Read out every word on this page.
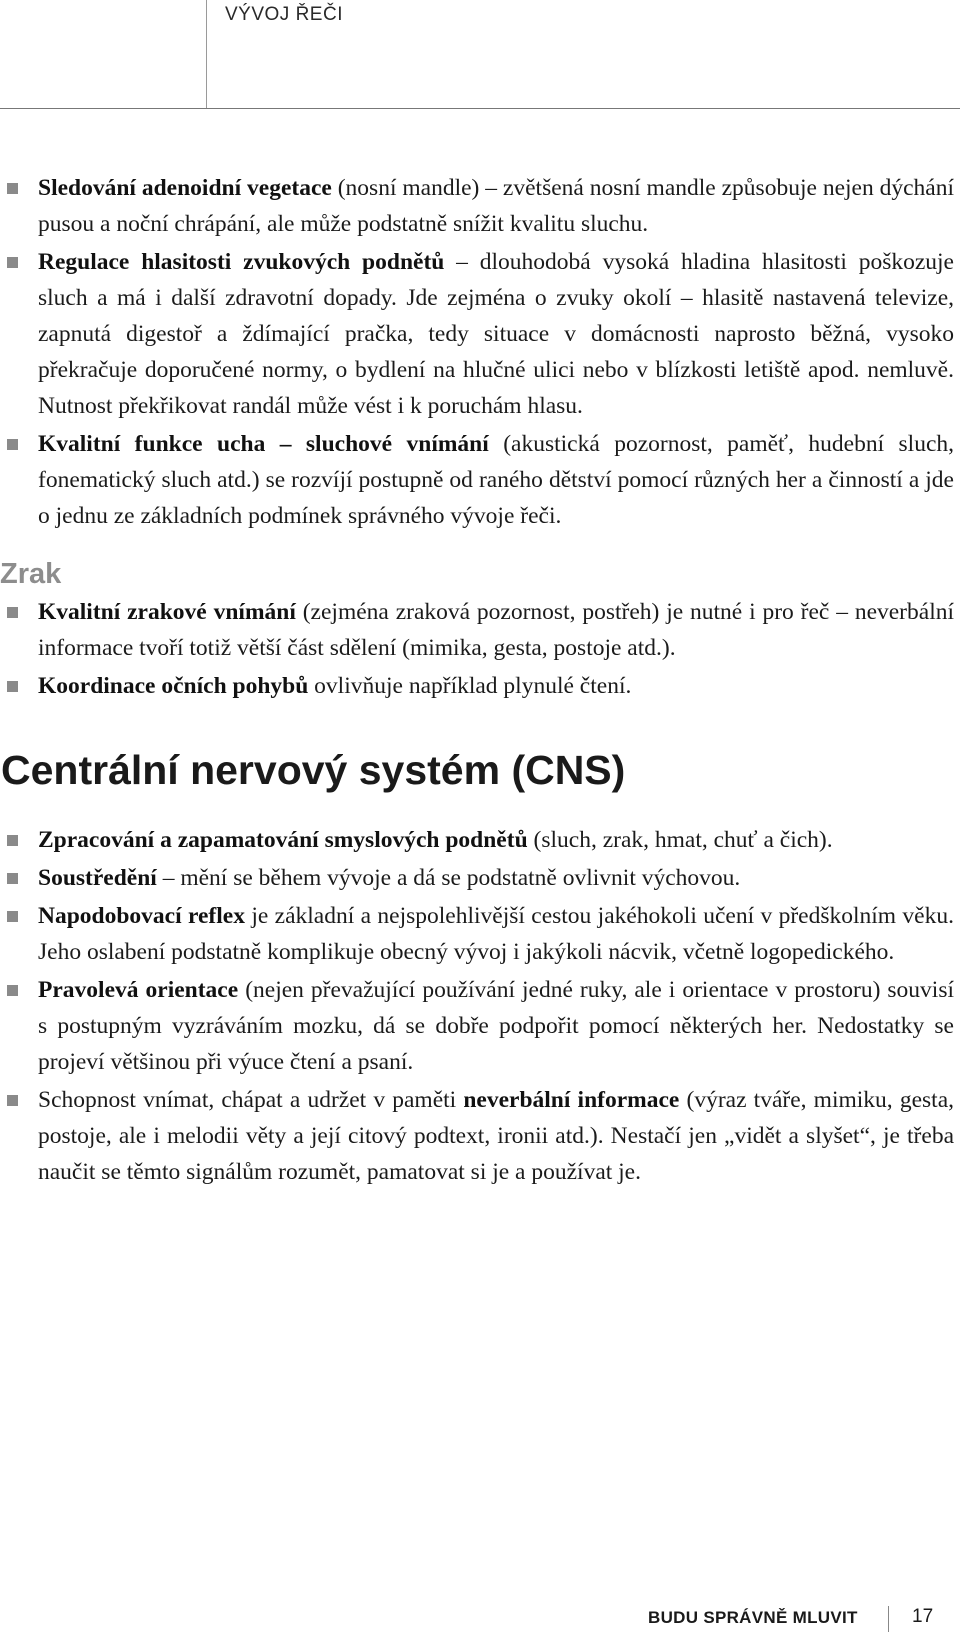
VÝVOJ ŘEČI
Sledování adenoidní vegetace (nosní mandle) – zvětšená nosní mandle způsobuje nejen dýchání pusou a noční chrápání, ale může podstatně snížit kvalitu sluchu.
Regulace hlasitosti zvukových podnětů – dlouhodobá vysoká hladina hlasitosti poškozuje sluch a má i další zdravotní dopady. Jde zejména o zvuky okolí – hlasitě nastavená televize, zapnutá digestoř a ždímající pračka, tedy situace v domácnosti naprosto běžná, vysoko překračuje doporučené normy, o bydlení na hlučné ulici nebo v blízkosti letiště apod. nemluvě. Nutnost překřikovat randál může vést i k poruchám hlasu.
Kvalitní funkce ucha – sluchové vnímání (akustická pozornost, paměť, hudební sluch, fonematický sluch atd.) se rozvíjí postupně od raného dětství pomocí různých her a činností a jde o jednu ze základních podmínek správného vývoje řeči.
Zrak
Kvalitní zrakové vnímání (zejména zraková pozornost, postřeh) je nutné i pro řeč – neverbální informace tvoří totiž větší část sdělení (mimika, gesta, postoje atd.).
Koordinace očních pohybů ovlivňuje například plynulé čtení.
Centrální nervový systém (CNS)
Zpracování a zapamatování smyslových podnětů (sluch, zrak, hmat, chuť a čich).
Soustředění – mění se během vývoje a dá se podstatně ovlivnit výchovou.
Napodobovací reflex je základní a nejspolehlivější cestou jakéhokoli učení v předškolním věku. Jeho oslabení podstatně komplikuje obecný vývoj i jakýkoli nácvik, včetně logopedického.
Pravolevá orientace (nejen převažující používání jedné ruky, ale i orientace v prostoru) souvisí s postupným vyzráváním mozku, dá se dobře podpořit pomocí některých her. Nedostatky se projeví většinou při výuce čtení a psaní.
Schopnost vnímat, chápat a udržet v paměti neverbální informace (výraz tváře, mimiku, gesta, postoje, ale i melodii věty a její citový podtext, ironii atd.). Nestačí jen „vidět a slyšet“, je třeba naučit se těmto signálům rozumět, pamatovat si je a používat je.
BUDU SPRÁVNĚ MLUVIT	17
